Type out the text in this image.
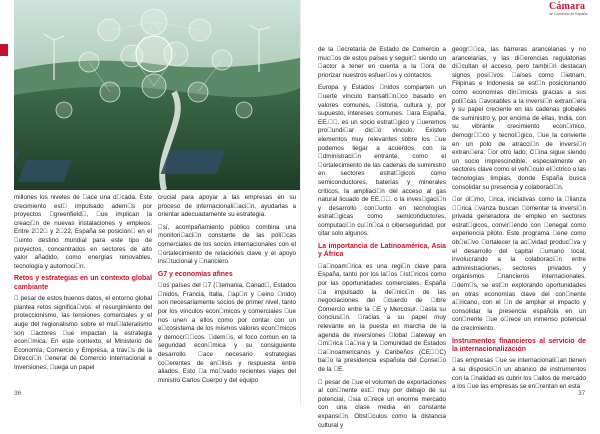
millones los niveles de 􀀠ace una d􀀃cada. Este crecimiento est􀀂 impulsado adem􀀂s por proyectos 􀀄greenfield􀀅, 􀀆ue implican la creaci􀀇n de nuevas instalaciones y empleos. Entre 2􀀈2􀀈 y 2􀀈22, España se posicion􀀇 en el 􀀉uinto destino mundial para este tipo de proyectos, concentrados en sectores de alto valor añadido, como energías renovables, tecnología y automoci􀀇n.

Retos y estrategias en un contexto global cambiante

􀀊 pesar de estos buenos datos, el entorno global plantea retos significa􀀋vos: el resurgimiento del proteccionismo, las tensiones comerciales y el auge del regionalismo sobre el mul􀀋lateralismo son 􀀌actores 􀀆ue impactan la estrategia econ􀀇mica. En este contexto, el Ministerio de Economía, Comercio y Empresa, a trav􀀃s de la Direcci􀀇n 􀀍eneral de Comercio Internacional e Inversiones, 􀀎uega un papel

crucial para apoyar a las empresas en su proceso de internacionali􀀏aci􀀇n, ayudarlas a orientar adecuadamente su estrategia.

􀀊sí, acompañamiento público combina una monitori􀀏aci􀀇n constante de las polí􀀋cas comerciales de los socios internacionales con el 􀀌ortalecimiento de relaciones clave y el apoyo ins􀀋tucional y 􀀑nanciero.

G7 y economías afines

􀀒os países del 􀀍7 (􀀊lemania, Canad􀀂, Estados 􀀓nidos, Francia, Italia, 􀀔ap􀀇n y 􀀕eino 􀀓nido) son necesariamente socios de primer nivel, tanto por los vínculos econ􀀇micos y comerciales 􀀆ue nos unen a ellos como por contar con un e􀀖cosistema de los mismos valores econ􀀇micos y democr􀀂􀀋cos. 􀀊dem􀀂s, el foco común en la seguridad econ􀀇mica y su consiguiente desarrollo 􀀗ace necesario estrategias co􀀗erentes de an􀀂lisis y respuesta entre aliados. Esto 􀀗a mo􀀋vado recientes viajes del ministro Carlos Cuerpo y del equipo

de la 􀀘ecretaría de Estado de Comercio a muc􀀗os de estos países y seguir􀀂 siendo un 􀀌actor a tener en cuenta a la 􀀗ora de priorizar nuestros esfuer􀀏os y contactos.

Europa y Estados 􀀓nidos comparten un 􀀌uerte vínculo transatl􀀂n􀀋co basado en valores comunes, 􀀗istoria, cultura y, por supuesto, intereses comunes. 􀀙ara España, EE.􀀓􀀓. es un socio estrat􀀃gico y 􀀆ueremos pro􀀌undi􀀏ar dic􀀗o vínculo. Existen elementos muy relevantes sobre los 􀀆ue podemos llegar a acuerdos con la 􀀊dministraci􀀇n entrante, como el 􀀌ortalecimiento de las cadenas de suministro en sectores estrat􀀃gicos como semiconductores, baterías y minerales críticos, la ampliaci􀀇n del acceso al gas natural licuado de EE.􀀓􀀓. o la inves􀀋gaci􀀇n y desarrollo con􀀎unto en tecnologías estrat􀀃gicas como semiconductores, computaci􀀇n cu􀀂n􀀋ca o ciberseguridad, por citar solo algunos.

La importancia de Latinoamérica, Asia y África

􀀒a􀀋noam􀀃rica es una regi􀀇n clave para España, tanto por los la􀀏os 􀀗ist􀀇ricos como por las oportunidades comerciales. España 􀀗a impulsado la de􀀑nici􀀇n de las negociaciones del 􀀊cuerdo de 􀀒ibre Comercio entre la 􀀓E y Mercosur. 􀀚asta su conclusi􀀇n. 􀀍racias a su papel muy relevante en la puesta en marcha de la agenda de inversiones 􀀍lobal 􀀍ateway en 􀀊m􀀃rica 􀀒a􀀋na y la 􀀛omunidad de Estados 􀀒a􀀋noamericanos y Caribeños (CE􀀒􀀊C) ba􀀎o la presidencia española del Conse􀀎o de la 􀀓E.

􀀊 pesar de 􀀌ue el volumen de exportaciones al con􀀋nente est􀀂 muy por debajo de su potencial, 􀀊sia o􀀌rece un enorme mercado con una clase media en constante expansi􀀇n. Obst􀀂culos como la distancia cultural y

geogr􀀂􀀑ca, las barreras arancelarias y no arancelarias, y las di􀀌erencias regulatorias di􀀑cultan el acceso, pero tambi􀀃n destacan signos posi􀀋vos. 􀀙aíses como 􀀜ietnam, Filipinas e Indonesia se est􀀂n posicionando como economías din􀀂micas gracias a sus polí􀀋cas 􀀌avorables a la inversi􀀇n extran􀀎era y su papel creciente en las cadenas globales de suministro y, por encima de ellas, India, con su vibrante crecimiento econ􀀇mico, demogr􀀂􀀑co y tecnol􀀇gico, 􀀆ue la convierte en un polo de atracci􀀇n de inversi􀀇n extran􀀎era. 􀀝or otro lado, C􀀗ina sigue siendo un socio imprescindible, especialmente en sectores clave como el veh􀀞culo el􀀃ctrico o las tecnologías limpias, donde España busca consolidar su presencia y colaboraci􀀇n.

􀀙or úl􀀋mo, 􀀌rica, iniciativas como la 􀀊lianza 􀀊􀀌rica 􀀊vanza buscan 􀀌omentar la inversi􀀇n privada generadora de empleo en sectores estrat􀀃gicos, convir􀀋endo con 􀀘enegal como experiencia piloto. Este programa 􀀋ene como ob􀀎e􀀋vo 􀀌ortalecer la ac􀀋vidad produc􀀋va y el desarrollo del capital 􀀗umano local, involucrando a la colaboraci􀀇n entre administraciones, sectores privados y organismos 􀀑nancieros internacionales. 􀀊dem􀀂s, se est􀀂n explorando oportunidades en otras economías clave del con􀀋nente a􀀌ricano, con el 􀀑n de ampliar el impacto y consolidar la presencia española en un con􀀋nente 􀀆ue o􀀌rece un inmenso potencial de crecimiento.

Instrumentos financieros al servicio de la internacionalización

􀀒as empresas 􀀆ue se internacionali􀀏an tienen a su disposici􀀇n un abanico de instrumentos con la 􀀑nalidad es cubrir los 􀀗allos de mercado a los 􀀆ue las empresas se en􀀌rentan en esta

Cámara
de Comercio de España
36	37
